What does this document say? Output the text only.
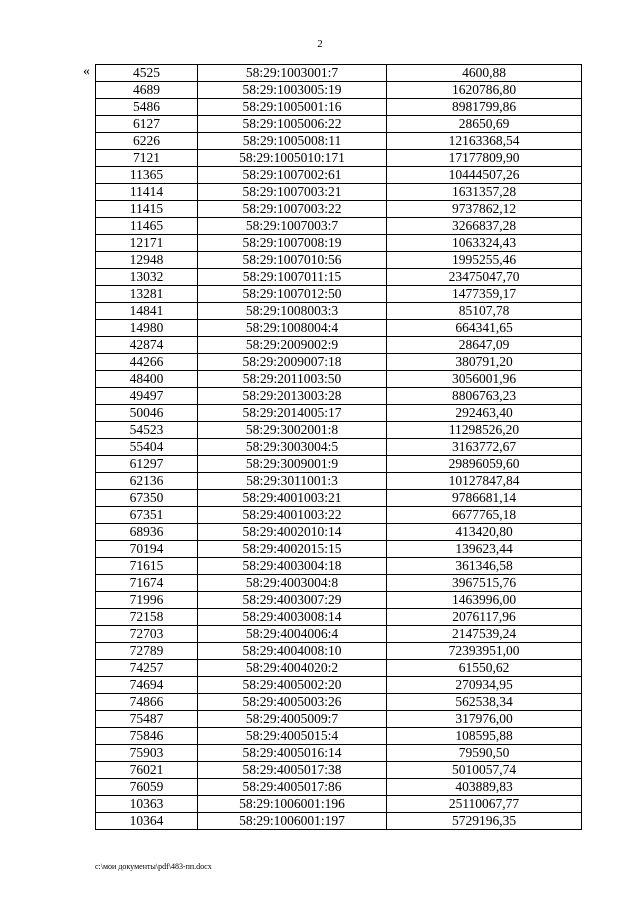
2
«	4525	58:29:1003001:7	4600,88
4689	58:29:1003005:19	1620786,80
5486	58:29:1005001:16	8981799,86
6127	58:29:1005006:22	28650,69
6226	58:29:1005008:11	12163368,54
7121	58:29:1005010:171	17177809,90
11365	58:29:1007002:61	10444507,26
11414	58:29:1007003:21	1631357,28
11415	58:29:1007003:22	9737862,12
11465	58:29:1007003:7	3266837,28
12171	58:29:1007008:19	1063324,43
12948	58:29:1007010:56	1995255,46
13032	58:29:1007011:15	23475047,70
13281	58:29:1007012:50	1477359,17
14841	58:29:1008003:3	85107,78
14980	58:29:1008004:4	664341,65
42874	58:29:2009002:9	28647,09
44266	58:29:2009007:18	380791,20
48400	58:29:2011003:50	3056001,96
49497	58:29:2013003:28	8806763,23
50046	58:29:2014005:17	292463,40
54523	58:29:3002001:8	11298526,20
55404	58:29:3003004:5	3163772,67
61297	58:29:3009001:9	29896059,60
62136	58:29:3011001:3	10127847,84
67350	58:29:4001003:21	9786681,14
67351	58:29:4001003:22	6677765,18
68936	58:29:4002010:14	413420,80
70194	58:29:4002015:15	139623,44
71615	58:29:4003004:18	361346,58
71674	58:29:4003004:8	3967515,76
71996	58:29:4003007:29	1463996,00
72158	58:29:4003008:14	2076117,96
72703	58:29:4004006:4	2147539,24
72789	58:29:4004008:10	72393951,00
74257	58:29:4004020:2	61550,62
74694	58:29:4005002:20	270934,95
74866	58:29:4005003:26	562538,34
75487	58:29:4005009:7	317976,00
75846	58:29:4005015:4	108595,88
75903	58:29:4005016:14	79590,50
76021	58:29:4005017:38	5010057,74
76059	58:29:4005017:86	403889,83
10363	58:29:1006001:196	25110067,77
10364	58:29:1006001:197	5729196,35
c:\мои документы\pdf\483-пп.docx
